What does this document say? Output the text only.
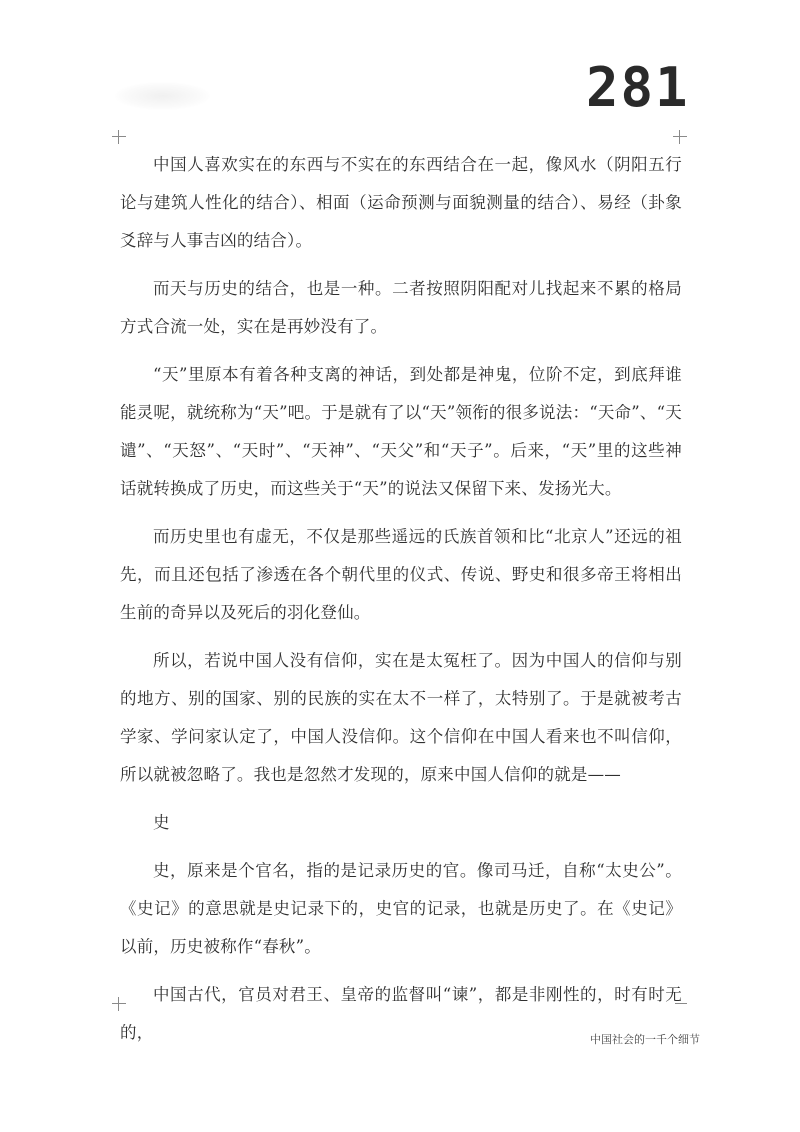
281

中国人喜欢实在的东西与不实在的东西结合在一起，像风水（阴阳五行论与建筑人性化的结合）、相面（运命预测与面貌测量的结合）、易经（卦象爻辞与人事吉凶的结合）。

而天与历史的结合，也是一种。二者按照阴阳配对儿找起来不累的格局方式合流一处，实在是再妙没有了。

“天”里原本有着各种支离的神话，到处都是神鬼，位阶不定，到底拜谁能灵呢，就统称为“天”吧。于是就有了以“天”领衔的很多说法：“天命”、“天谴”、“天怒”、“天时”、“天神”、“天父”和“天子”。后来，“天”里的这些神话就转换成了历史，而这些关于“天”的说法又保留下来、发扬光大。

而历史里也有虚无，不仅是那些遥远的氏族首领和比“北京人”还远的祖先，而且还包括了渗透在各个朝代里的仪式、传说、野史和很多帝王将相出生前的奇异以及死后的羽化登仙。

所以，若说中国人没有信仰，实在是太冤枉了。因为中国人的信仰与别的地方、别的国家、别的民族的实在太不一样了，太特别了。于是就被考古学家、学问家认定了，中国人没信仰。这个信仰在中国人看来也不叫信仰，所以就被忽略了。我也是忽然才发现的，原来中国人信仰的就是——

史

史，原来是个官名，指的是记录历史的官。像司马迁，自称“太史公”。《史记》的意思就是史记录下的，史官的记录，也就是历史了。在《史记》以前，历史被称作“春秋”。

中国古代，官员对君王、皇帝的监督叫“谏”，都是非刚性的，时有时无的，	中国社会的一千个细节
